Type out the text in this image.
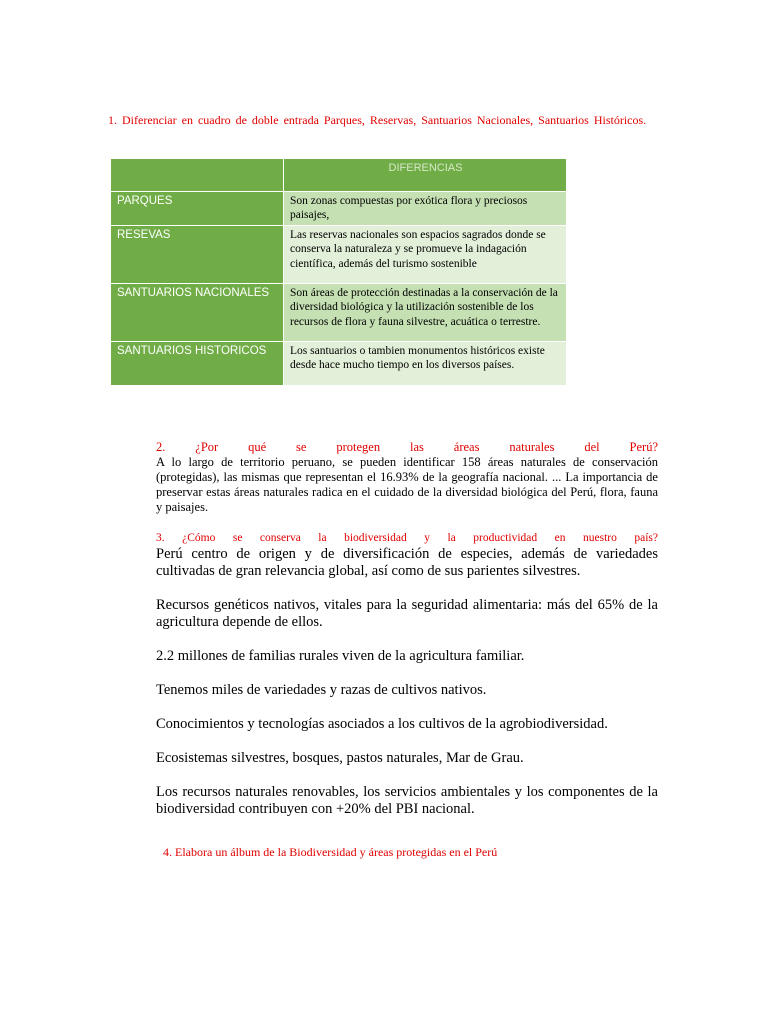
1. Diferenciar en cuadro de doble entrada Parques, Reservas, Santuarios Nacionales, Santuarios Históricos.

	DIFERENCIAS
PARQUES	Son zonas compuestas por exótica flora y preciosos paisajes,
RESEVAS	Las reservas nacionales son espacios sagrados donde se conserva la naturaleza y se promueve la indagación científica, además del turismo sostenible
SANTUARIOS NACIONALES	Son áreas de protección destinadas a la conservación de la diversidad biológica y la utilización sostenible de los recursos de flora y fauna silvestre, acuática o terrestre.
SANTUARIOS HISTORICOS	Los santuarios o tambien monumentos históricos existe desde hace mucho tiempo en los diversos países.

2. ¿Por qué se protegen las áreas naturales del Perú?

A lo largo de territorio peruano, se pueden identificar 158 áreas naturales de conservación (protegidas), las mismas que representan el 16.93% de la geografía nacional. ... La importancia de preservar estas áreas naturales radica en el cuidado de la diversidad biológica del Perú, flora, fauna y paisajes.

3. ¿Cómo se conserva la biodiversidad y la productividad en nuestro país?

Perú centro de origen y de diversificación de especies, además de variedades cultivadas de gran relevancia global, así como de sus parientes silvestres.

Recursos genéticos nativos, vitales para la seguridad alimentaria: más del 65% de la agricultura depende de ellos.

2.2 millones de familias rurales viven de la agricultura familiar.

Tenemos miles de variedades y razas de cultivos nativos.

Conocimientos y tecnologías asociados a los cultivos de la agrobiodiversidad.

Ecosistemas silvestres, bosques, pastos naturales, Mar de Grau.

Los recursos naturales renovables, los servicios ambientales y los componentes de la biodiversidad contribuyen con +20% del PBI nacional.

4. Elabora un álbum de la Biodiversidad y áreas protegidas en el Perú
